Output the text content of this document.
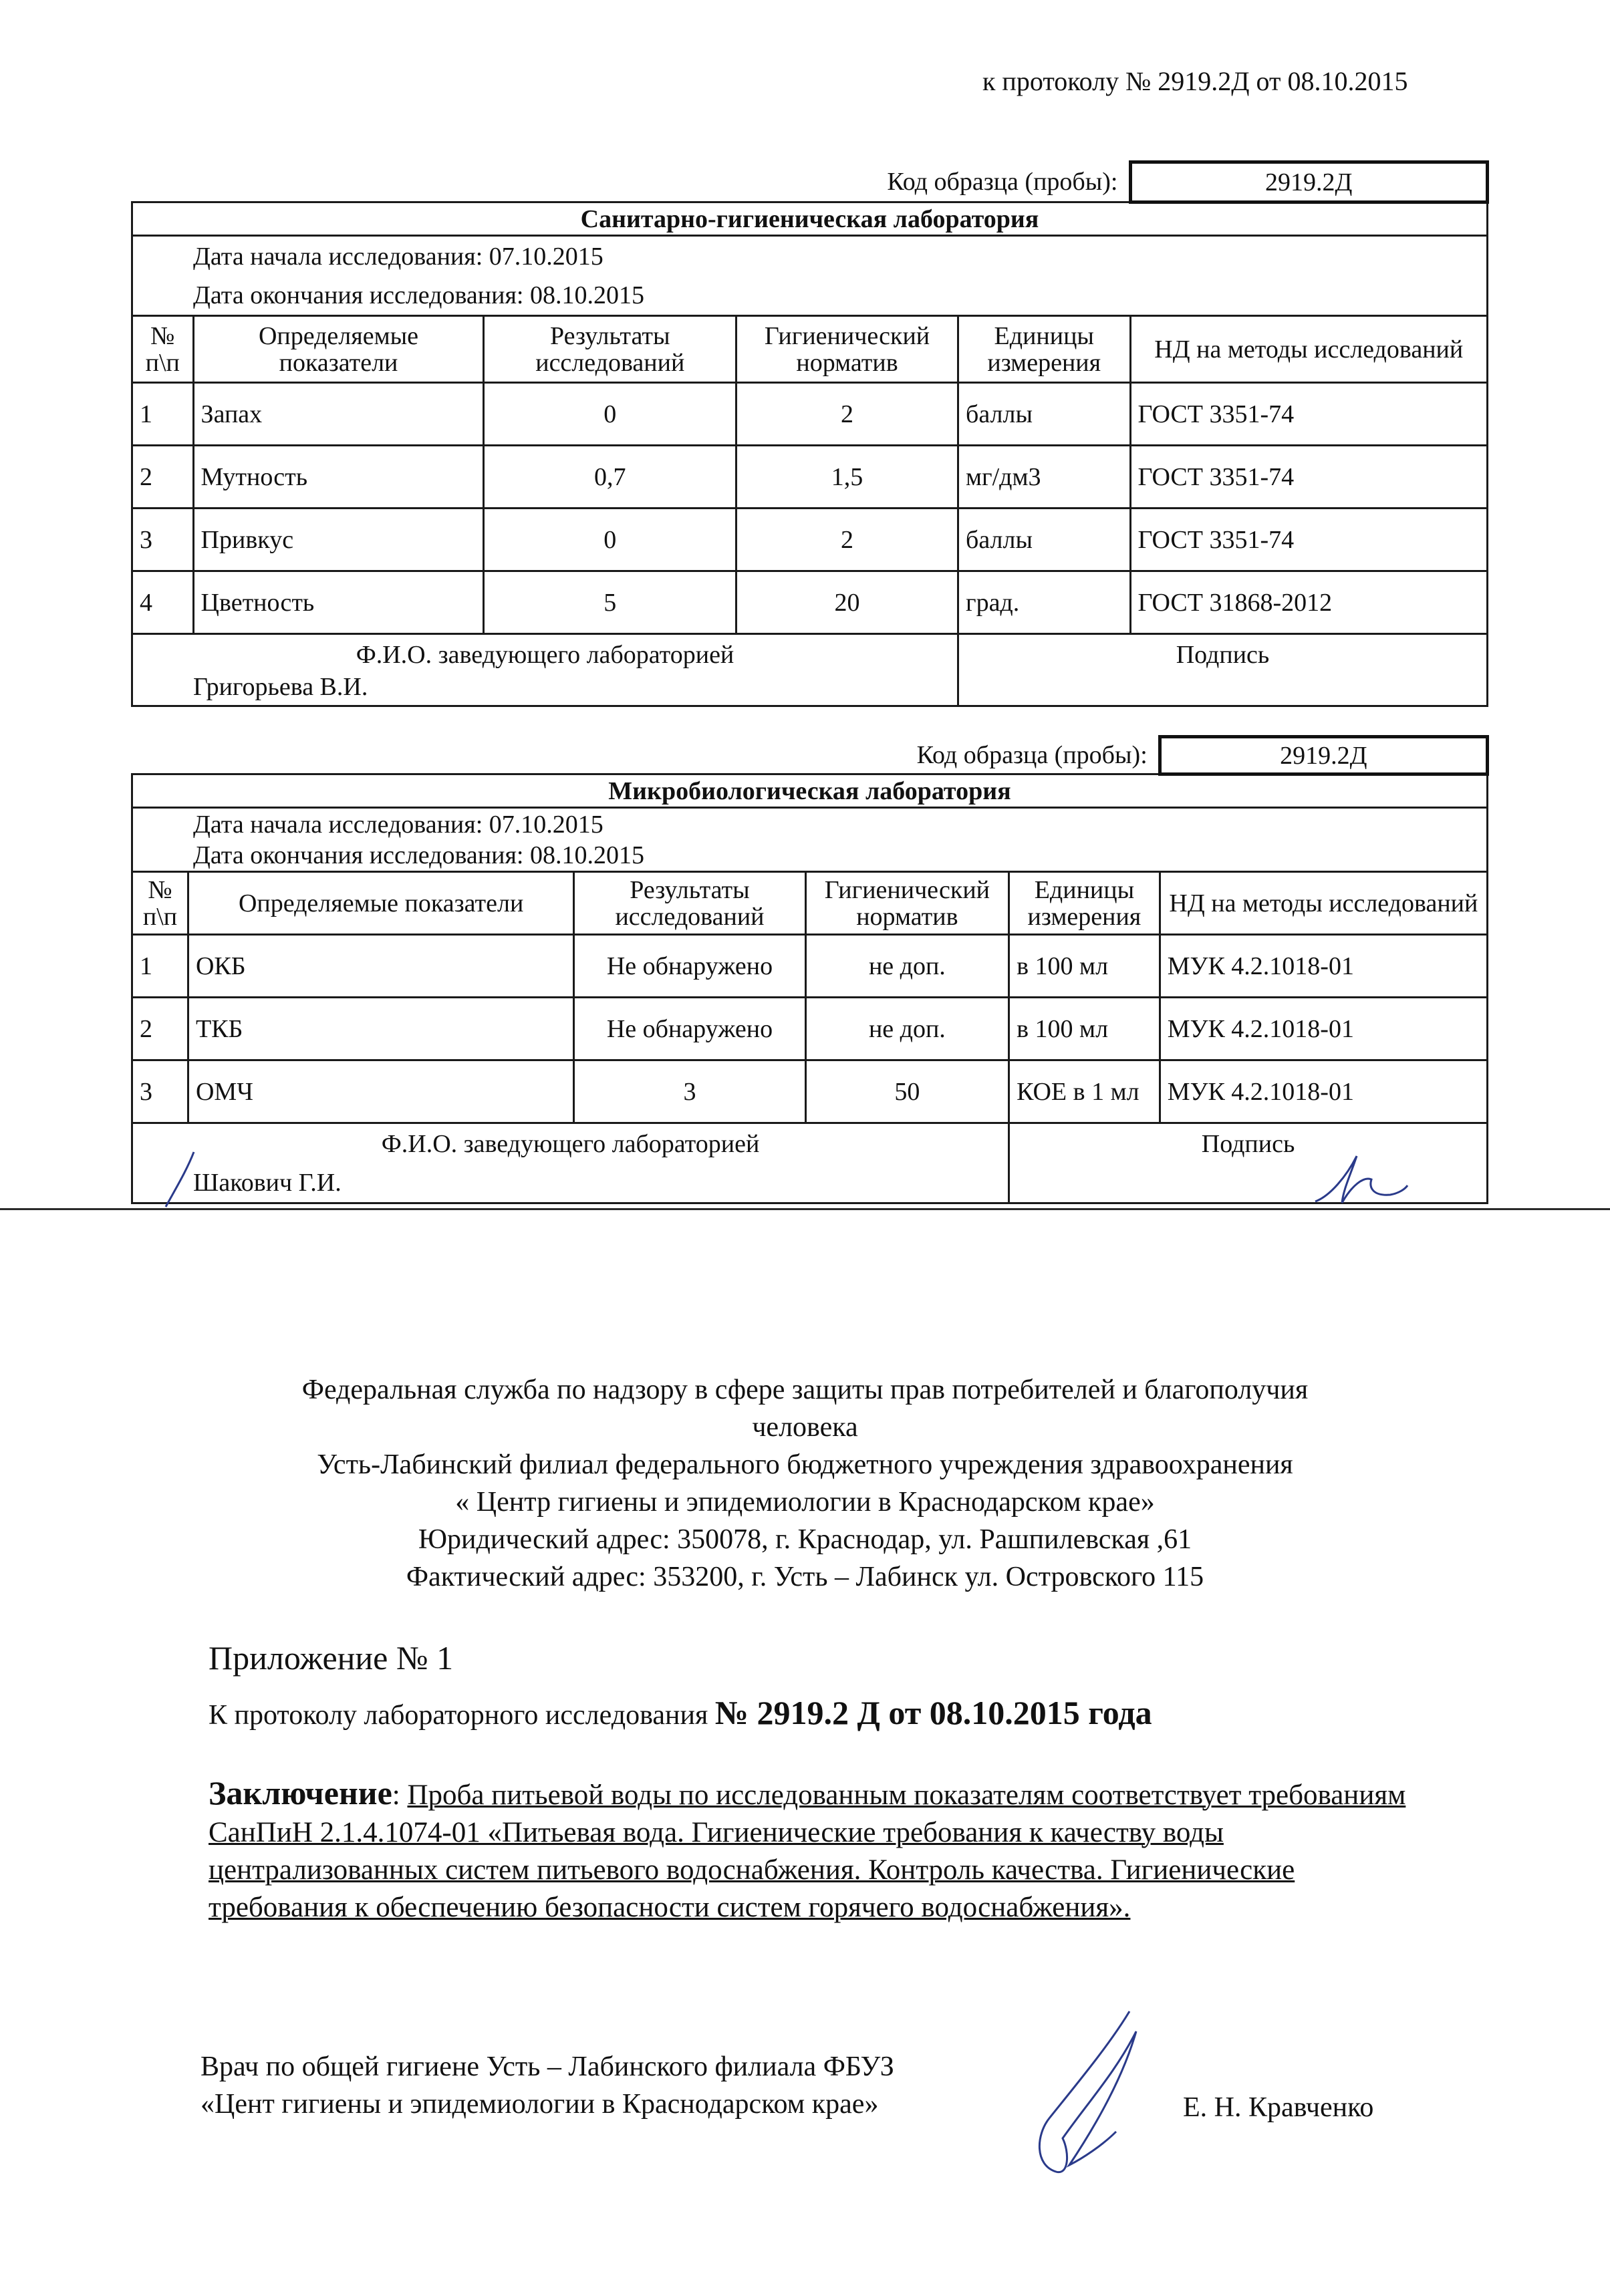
к протоколу № 2919.2Д от 08.10.2015
Код образца (пробы):					2919.2Д
Санитарно-гигиеническая лаборатория					

Дата начала исследования: 07.10.2015
Дата окончания исследования: 08.10.2015					

№ п\п	Определяемые показатели	Результаты исследований	Гигиенический норматив	Единицы измерения	НД на методы исследований
1	Запах	0	2	баллы	ГОСТ 3351-74
2	Мутность	0,7	1,5	мг/дм3	ГОСТ 3351-74
3	Привкус	0	2	баллы	ГОСТ 3351-74
4	Цветность	5	20	град.	ГОСТ 31868-2012

Ф.И.О. заведующего лабораторией
Григорьева В.И.				Подпись	
Код образца (пробы):					2919.2Д
Микробиологическая лаборатория					

Дата начала исследования: 07.10.2015
Дата окончания исследования: 08.10.2015					

№ п\п	Определяемые показатели	Результаты исследований	Гигиенический норматив	Единицы измерения	НД на методы исследований
1	ОКБ	Не обнаружено	не доп.	в 100 мл	МУК 4.2.1018-01
2	ТКБ	Не обнаружено	не доп.	в 100 мл	МУК 4.2.1018-01
3	ОМЧ	3	50	КОЕ в 1 мл	МУК 4.2.1018-01

Ф.И.О. заведующего лабораторией
Шакович Г.И.				Подпись	
Федеральная служба по надзору в сфере защиты прав потребителей и благополучия
человека
Усть-Лабинский филиал федерального бюджетного учреждения здравоохранения
« Центр гигиены и эпидемиологии в Краснодарском крае»
Юридический адрес: 350078, г. Краснодар, ул. Рашпилевская ,61
Фактический адрес: 353200, г. Усть – Лабинск ул. Островского 115
Приложение № 1
К протоколу лабораторного исследования № 2919.2 Д от 08.10.2015 года
Заключение: Проба питьевой воды по исследованным показателям соответствует требованиям СанПиН 2.1.4.1074-01 «Питьевая вода. Гигиенические требования к качеству воды централизованных систем питьевого водоснабжения. Контроль качества. Гигиенические требования к обеспечению безопасности систем горячего водоснабжения».
Врач по общей гигиене Усть – Лабинского филиала ФБУЗ
«Цент гигиены и эпидемиологии в Краснодарском крае»	Е. Н. Кравченко
